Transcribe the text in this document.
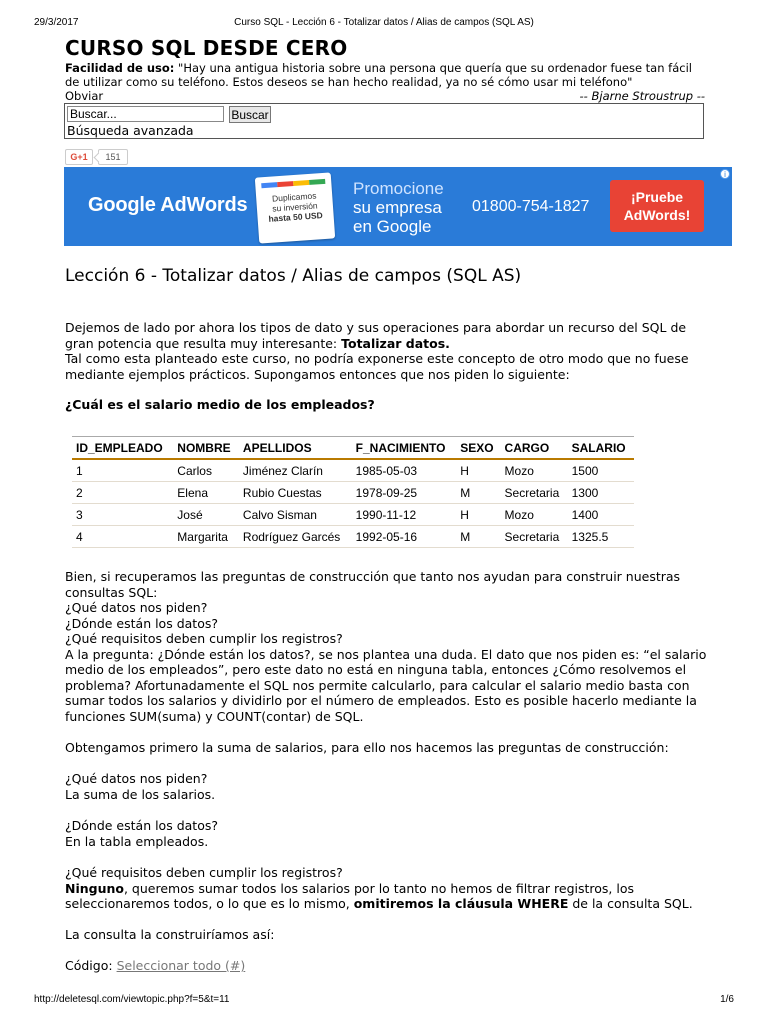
29/3/2017	Curso SQL - Lección 6 - Totalizar datos / Alias de campos (SQL AS)
CURSO SQL DESDE CERO
Facilidad de uso: "Hay una antigua historia sobre una persona que quería que su ordenador fuese tan fácil de utilizar como su teléfono. Estos deseos se han hecho realidad, ya no sé cómo usar mi teléfono"
Obviar	-- Bjarne Stroustrup --
Buscar...
Buscar
Búsqueda avanzada
G+1	151
Google AdWords	Duplicamos
su inversión
hasta 50 USD
Promocione
su empresa
en Google
01800-754-1827
¡Pruebe
AdWords!
i
Lección 6 - Totalizar datos / Alias de campos (SQL AS)

Dejemos de lado por ahora los tipos de dato y sus operaciones para abordar un recurso del SQL de gran potencia que resulta muy interesante: Totalizar datos.
Tal como esta planteado este curso, no podría exponerse este concepto de otro modo que no fuese mediante ejemplos prácticos. Supongamos entonces que nos piden lo siguiente:

¿Cuál es el salario medio de los empleados?

ID_EMPLEADO	NOMBRE	APELLIDOS	F_NACIMIENTO	SEXO	CARGO	SALARIO
1	Carlos	Jiménez Clarín	1985-05-03	H	Mozo	1500
2	Elena	Rubio Cuestas	1978-09-25	M	Secretaria	1300
3	José	Calvo Sisman	1990-11-12	H	Mozo	1400
4	Margarita	Rodríguez Garcés	1992-05-16	M	Secretaria	1325.5

Bien, si recuperamos las preguntas de construcción que tanto nos ayudan para construir nuestras consultas SQL:
¿Qué datos nos piden?
¿Dónde están los datos?
¿Qué requisitos deben cumplir los registros?
A la pregunta: ¿Dónde están los datos?, se nos plantea una duda. El dato que nos piden es: “el salario medio de los empleados”, pero este dato no está en ninguna tabla, entonces ¿Cómo resolvemos el problema? Afortunadamente el SQL nos permite calcularlo, para calcular el salario medio basta con sumar todos los salarios y dividirlo por el número de empleados. Esto es posible hacerlo mediante la funciones SUM(suma) y COUNT(contar) de SQL.

Obtengamos primero la suma de salarios, para ello nos hacemos las preguntas de construcción:

¿Qué datos nos piden?
La suma de los salarios.

¿Dónde están los datos?
En la tabla empleados.

¿Qué requisitos deben cumplir los registros?
Ninguno, queremos sumar todos los salarios por lo tanto no hemos de filtrar registros, los seleccionaremos todos, o lo que es lo mismo, omitiremos la cláusula WHERE de la consulta SQL.

La consulta la construiríamos así:

Código: Seleccionar todo (#)

http://deletesql.com/viewtopic.php?f=5&t=11	1/6
